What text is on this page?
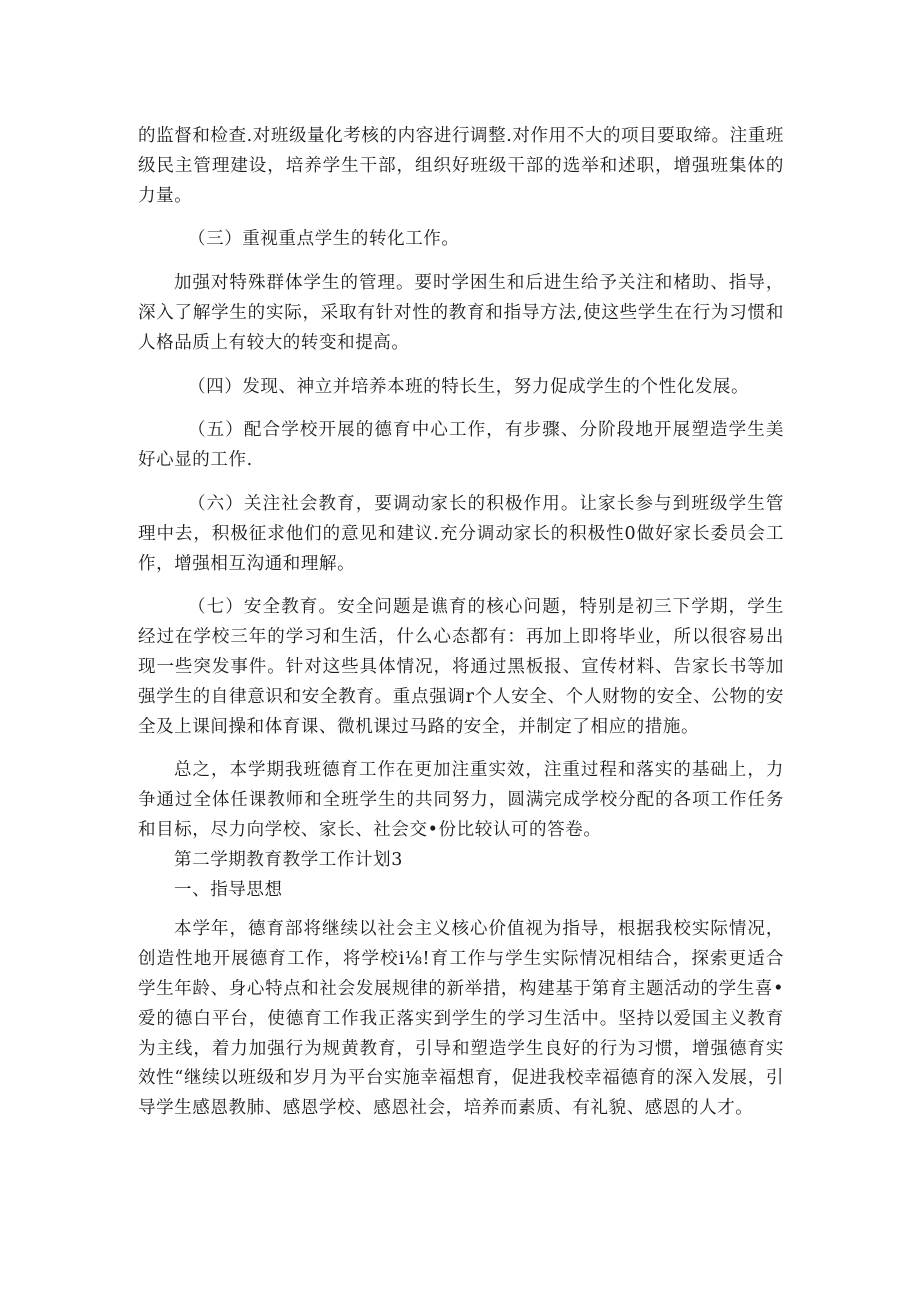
的监督和检查.对班级量化考核的内容进行调整.对作用不大的项目要取缔。注重班级民主管理建设，培养学生干部，组织好班级干部的选举和述职，增强班集体的力量。

（三）重视重点学生的转化工作。

加强对特殊群体学生的管理。要时学困生和后进生给予关注和楮助、指导，深入了解学生的实际，采取有针对性的教育和指导方法,使这些学生在行为习惯和人格品质上有较大的转变和提高。

（四）发现、神立并培养本班的特长生，努力促成学生的个性化发展。

（五）配合学校开展的德育中心工作，有步骤、分阶段地开展塑造学生美好心显的工作.

（六）关注社会教育，要调动家长的积极作用。让家长参与到班级学生管理中去，积极征求他们的意见和建议.充分调动家长的积极性0做好家长委员会工作，增强相互沟通和理解。

（七）安全教育。安全问题是谯育的核心问题，特别是初三下学期，学生经过在学校三年的学习和生活，什么心态都有：再加上即将毕业，所以很容易出现一些突发事件。针对这些具体情况，将通过黑板报、宣传材料、告家长书等加强学生的自律意识和安全教育。重点强调r个人安全、个人财物的安全、公物的安全及上课间操和体育课、微机课过马路的安全，并制定了相应的措施。

总之，本学期我班德育工作在更加注重实效，注重过程和落实的基础上，力争通过全体任课教师和全班学生的共同努力，圆满完成学校分配的各项工作任务和目标，尽力向学校、家长、社会交•份比较认可的答卷。

第二学期教育教学工作计划3

一、指导思想

本学年，德育部将继续以社会主义核心价值视为指导，根据我校实际情况，创造性地开展德育工作，将学校i⅛!育工作与学生实际情况相结合，探索更适合学生年龄、身心特点和社会发展规律的新举措，构建基于第育主题活动的学生喜•爱的德白平台，使德育工作我正落实到学生的学习生活中。坚持以爱国主义教育为主线，着力加强行为规黄教育，引导和塑造学生良好的行为习惯，增强德育实效性“继续以班级和岁月为平台实施幸福想育，促进我校幸福德育的深入发展，引导学生感恩教肺、感恩学校、感恩社会，培养而素质、有礼貌、感恩的人才。
